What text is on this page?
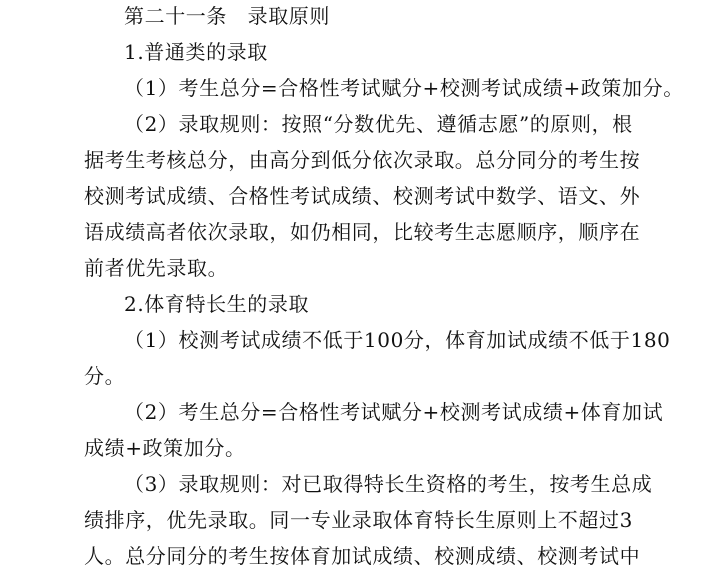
第二十一条　录取原则
1.普通类的录取
（1）考生总分=合格性考试赋分+校测考试成绩+政策加分。
（2）录取规则：按照“分数优先、遵循志愿”的原则，根
据考生考核总分，由高分到低分依次录取。总分同分的考生按
校测考试成绩、合格性考试成绩、校测考试中数学、语文、外
语成绩高者依次录取，如仍相同，比较考生志愿顺序，顺序在
前者优先录取。
2.体育特长生的录取
（1）校测考试成绩不低于100分，体育加试成绩不低于180
分。
（2）考生总分=合格性考试赋分+校测考试成绩+体育加试
成绩+政策加分。
（3）录取规则：对已取得特长生资格的考生，按考生总成
绩排序，优先录取。同一专业录取体育特长生原则上不超过3
人。总分同分的考生按体育加试成绩、校测成绩、校测考试中
